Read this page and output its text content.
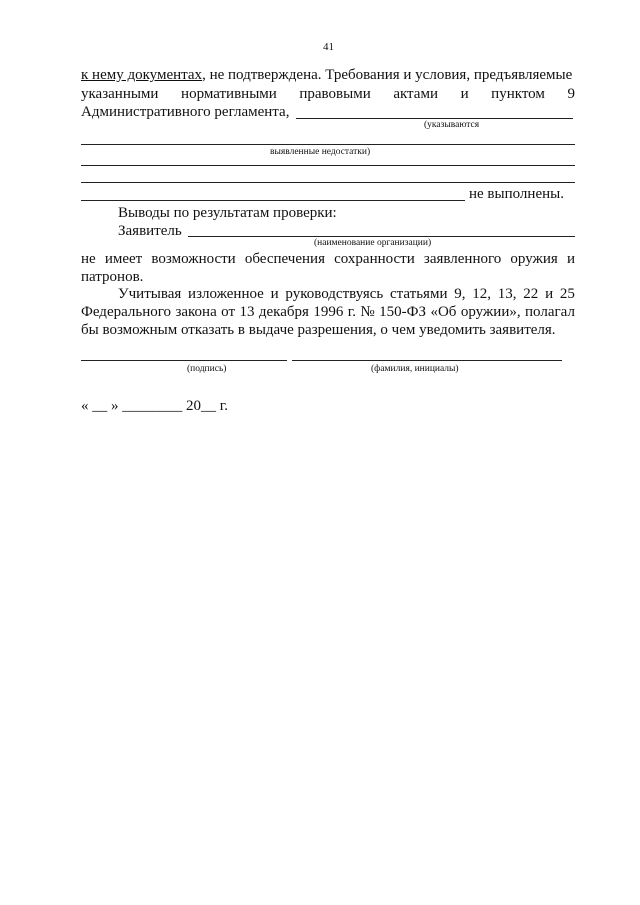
41
к нему документах, не подтверждена. Требования и условия, предъявляемые
указанными нормативными правовыми актами и пунктом 9
Административного регламента,
(указываются
выявленные недостатки)
не выполнены.
Выводы по результатам проверки:
Заявитель
(наименование организации)
не имеет возможности обеспечения сохранности заявленного оружия и
патронов.
Учитывая изложенное и руководствуясь статьями 9, 12, 13, 22 и 25
Федерального закона от 13 декабря 1996 г. № 150-ФЗ «Об оружии», полагал
бы возможным отказать в выдаче разрешения, о чем уведомить заявителя.
(подпись)	(фамилия, инициалы)
« __ » ________ 20__ г.
